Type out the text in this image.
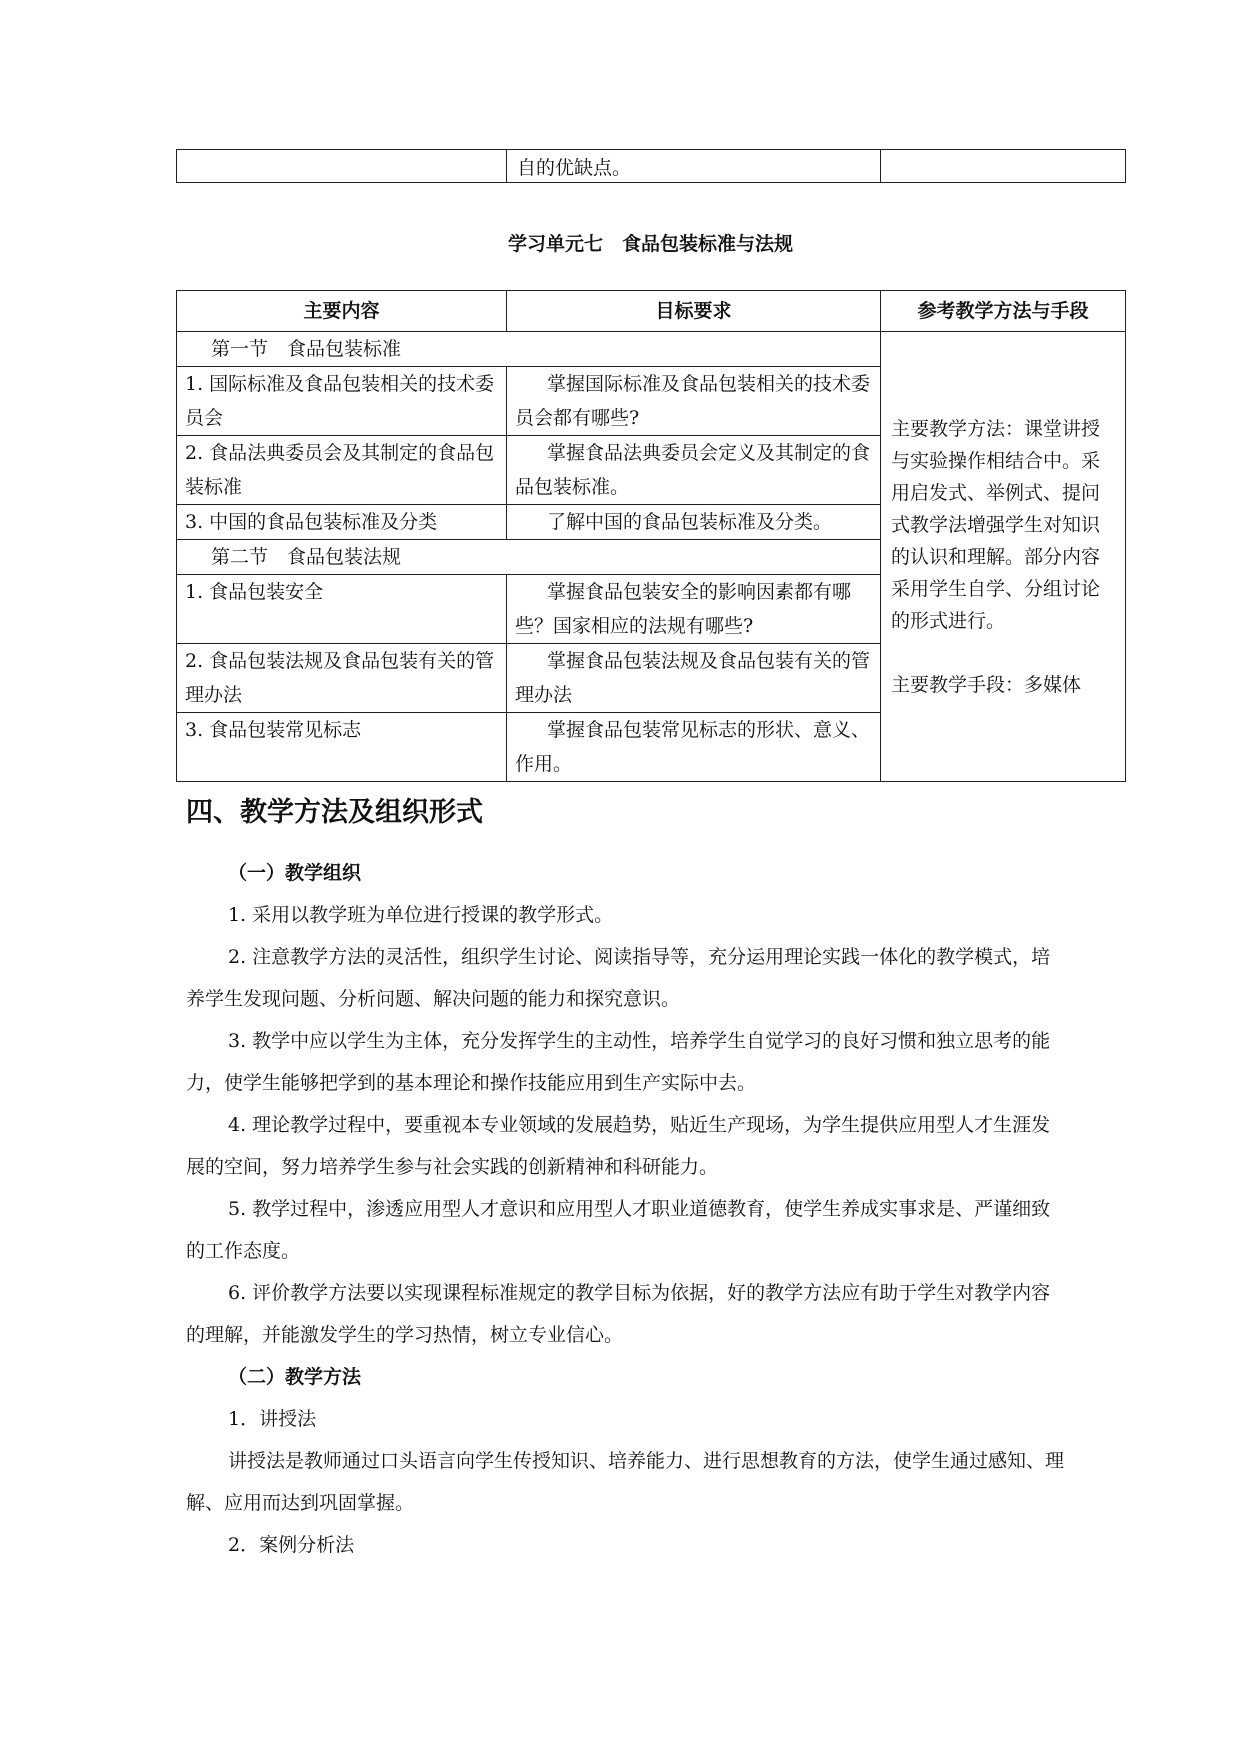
	自的优缺点。	
学习单元七　食品包装标准与法规
主要内容	目标要求	参考教学方法与手段
第一节　食品包装标准		主要教学方法：课堂讲授与实验操作相结合中。采用启发式、举例式、提问式教学法增强学生对知识的认识和理解。部分内容采用学生自学、分组讨论的形式进行。

主要教学手段：多媒体

1. 国际标准及食品包装相关的技术委员会	掌握国际标准及食品包装相关的技术委员会都有哪些?	
2. 食品法典委员会及其制定的食品包装标准	掌握食品法典委员会定义及其制定的食品包装标准。	
3. 中国的食品包装标准及分类	了解中国的食品包装标准及分类。	
第二节　食品包装法规		
1. 食品包装安全	掌握食品包装安全的影响因素都有哪些？国家相应的法规有哪些?	
2. 食品包装法规及食品包装有关的管理办法	掌握食品包装法规及食品包装有关的管理办法	
3. 食品包装常见标志	掌握食品包装常见标志的形状、意义、作用。	
四、教学方法及组织形式

（一）教学组织

1. 采用以教学班为单位进行授课的教学形式。

2. 注意教学方法的灵活性，组织学生讨论、阅读指导等，充分运用理论实践一体化的教学模式，培养学生发现问题、分析问题、解决问题的能力和探究意识。

3. 教学中应以学生为主体，充分发挥学生的主动性，培养学生自觉学习的良好习惯和独立思考的能力，使学生能够把学到的基本理论和操作技能应用到生产实际中去。

4. 理论教学过程中，要重视本专业领域的发展趋势，贴近生产现场，为学生提供应用型人才生涯发展的空间，努力培养学生参与社会实践的创新精神和科研能力。

5. 教学过程中，渗透应用型人才意识和应用型人才职业道德教育，使学生养成实事求是、严谨细致的工作态度。

6. 评价教学方法要以实现课程标准规定的教学目标为依据，好的教学方法应有助于学生对教学内容的理解，并能激发学生的学习热情，树立专业信心。

（二）教学方法

1．讲授法

讲授法是教师通过口头语言向学生传授知识、培养能力、进行思想教育的方法，使学生通过感知、理解、应用而达到巩固掌握。

2．案例分析法
